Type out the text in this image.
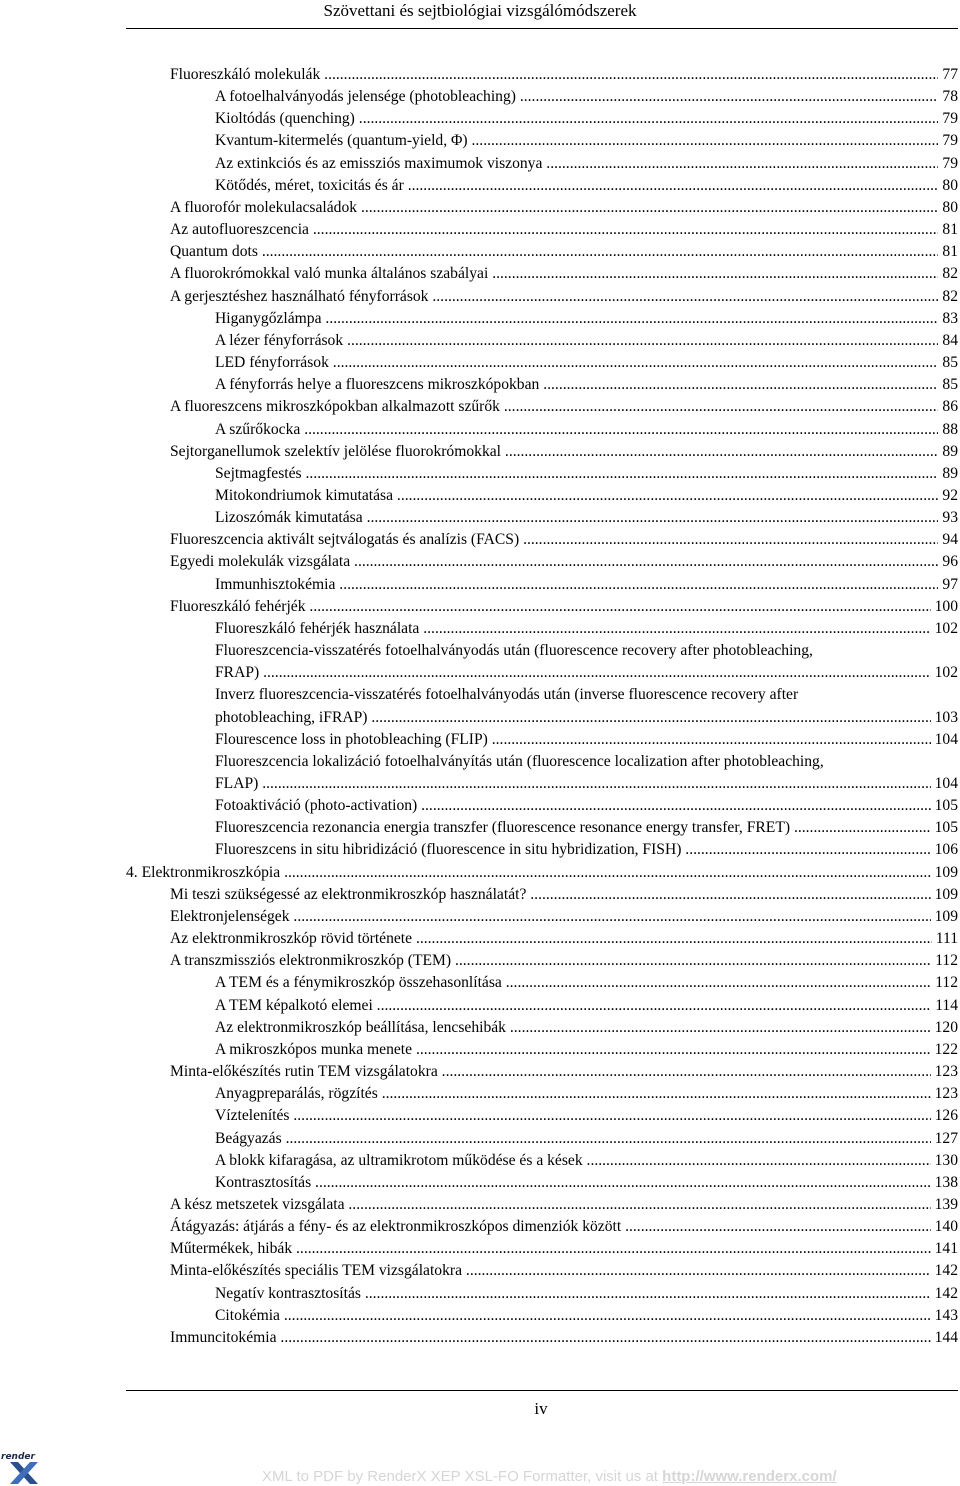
Szövettani és sejtbiológiai vizsgálómódszerek
Fluoreszkáló molekulák .....	77
A fotoelhalványodás jelensége (photobleaching) .....	78
Kioltódás (quenching) .....	79
Kvantum-kitermelés (quantum-yield, Φ) .....	79
Az extinkciós és az emissziós maximumok viszonya .....	79
Kötődés, méret, toxicitás és ár .....	80
A fluorofór molekulacsaládok .....	80
Az autofluoreszcencia .....	81
Quantum dots .....	81
A fluorokrómokkal való munka általános szabályai .....	82
A gerjesztéshez használható fényforrások .....	82
Higanygőzlámpa .....	83
A lézer fényforrások .....	84
LED fényforrások .....	85
A fényforrás helye a fluoreszcens mikroszkópokban .....	85
A fluoreszcens mikroszkópokban alkalmazott szűrők .....	86
A szűrőkocka .....	88
Sejtorganellumok szelektív jelölése fluorokrómokkal .....	89
Sejtmagfestés .....	89
Mitokondriumok kimutatása .....	92
Lizoszómák kimutatása .....	93
Fluoreszcencia aktivált sejtválogatás és analízis (FACS) .....	94
Egyedi molekulák vizsgálata .....	96
Immunhisztokémia .....	97
Fluoreszkáló fehérjék .....	100
Fluoreszkáló fehérjék használata .....	102
Fluoreszcencia-visszatérés fotoelhalványodás után (fluorescence recovery after photobleaching,
FRAP) .....	102
Inverz fluoreszcencia-visszatérés fotoelhalványodás után (inverse fluorescence recovery after
photobleaching, iFRAP) .....	103
Flourescence loss in photobleaching (FLIP) .....	104
Fluoreszcencia lokalizáció fotoelhalványítás után (fluorescence localization after photobleaching,
FLAP) .....	104
Fotoaktiváció (photo-activation) .....	105
Fluoreszcencia rezonancia energia transzfer (fluorescence resonance energy transfer, FRET) .....	105
Fluoreszcens in situ hibridizáció (fluorescence in situ hybridization, FISH) .....	106
4. Elektronmikroszkópia .....	109
Mi teszi szükségessé az elektronmikroszkóp használatát? .....	109
Elektronjelenségek .....	109
Az elektronmikroszkóp rövid története .....	111
A transzmissziós elektronmikroszkóp (TEM) .....	112
A TEM és a fénymikroszkóp összehasonlítása .....	112
A TEM képalkotó elemei .....	114
Az elektronmikroszkóp beállítása, lencsehibák .....	120
A mikroszkópos munka menete .....	122
Minta-előkészítés rutin TEM vizsgálatokra .....	123
Anyagpreparálás, rögzítés .....	123
Víztelenítés .....	126
Beágyazás .....	127
A blokk kifaragása, az ultramikrotom működése és a kések .....	130
Kontrasztosítás .....	138
A kész metszetek vizsgálata .....	139
Átágyazás: átjárás a fény- és az elektronmikroszkópos dimenziók között .....	140
Műtermékek, hibák .....	141
Minta-előkészítés speciális TEM vizsgálatokra .....	142
Negatív kontrasztosítás .....	142
Citokémia .....	143
Immuncitokémia .....	144
iv
render
XML to PDF by RenderX XEP XSL-FO Formatter, visit us at http://www.renderx.com/
